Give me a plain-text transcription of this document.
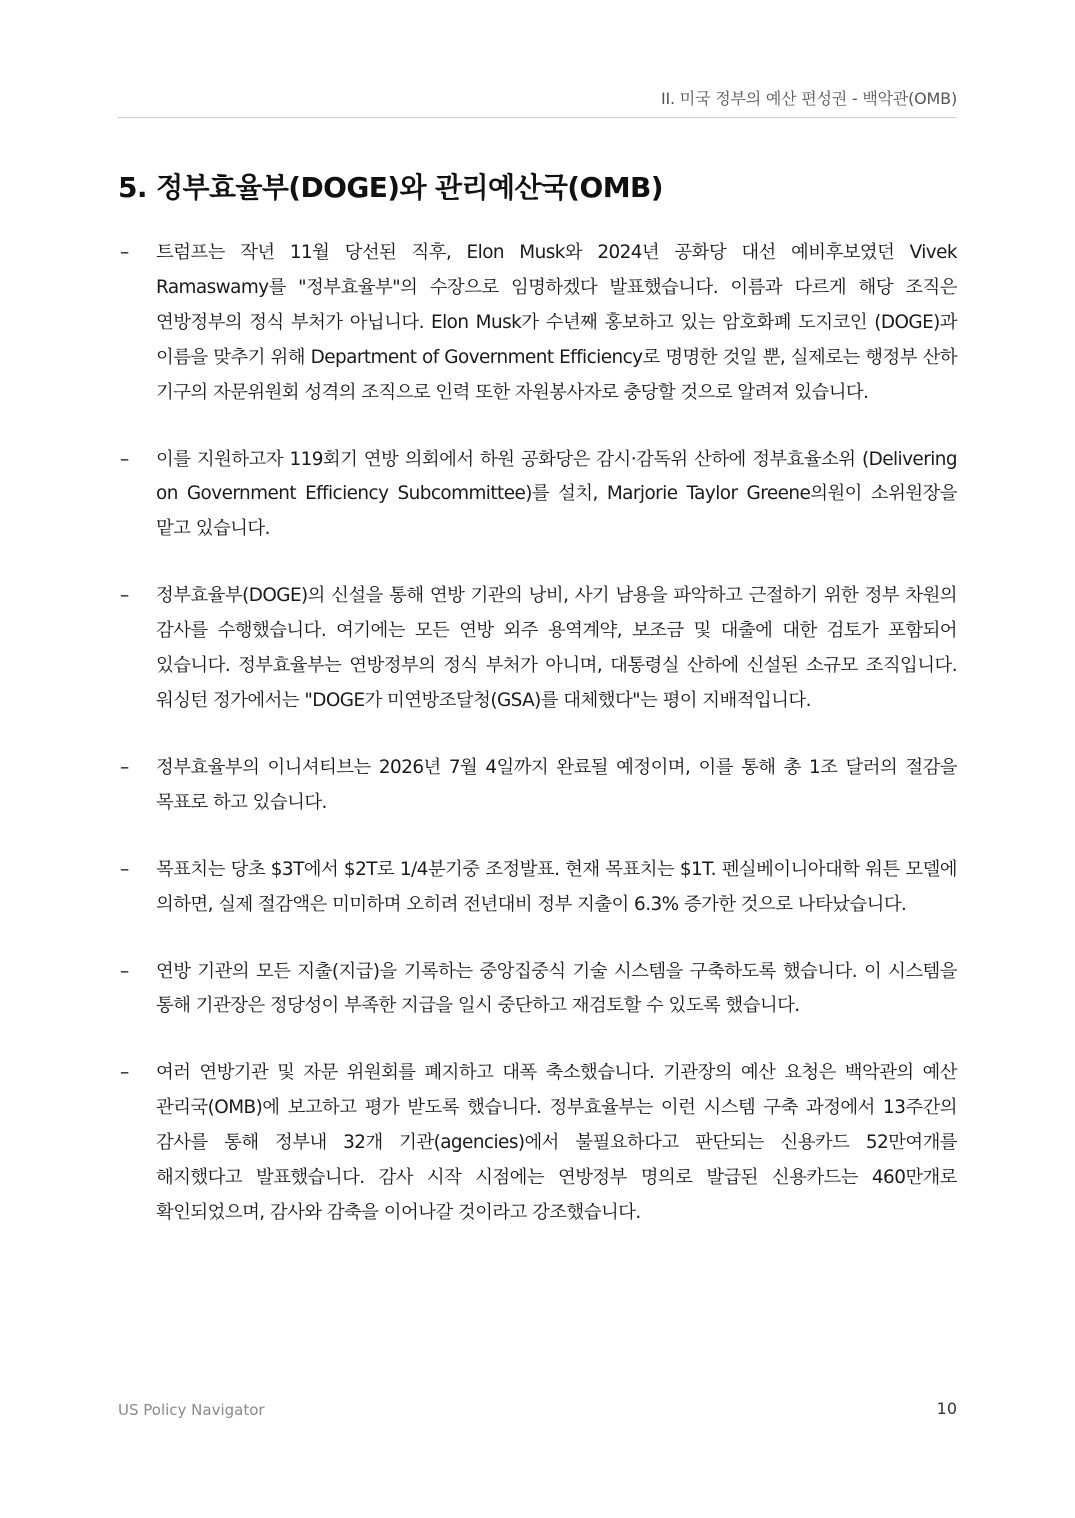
II. 미국 정부의 예산 편성권 - 백악관(OMB)
5. 정부효율부(DOGE)와 관리예산국(OMB)
– 트럼프는 작년 11월 당선된 직후, Elon Musk와 2024년 공화당 대선 예비후보였던 Vivek Ramaswamy를 "정부효율부"의 수장으로 임명하겠다 발표했습니다. 이름과 다르게 해당 조직은 연방정부의 정식 부처가 아닙니다. Elon Musk가 수년째 홍보하고 있는 암호화폐 도지코인 (DOGE)과 이름을 맞추기 위해 Department of Government Efficiency로 명명한 것일 뿐, 실제로는 행정부 산하 기구의 자문위원회 성격의 조직으로 인력 또한 자원봉사자로 충당할 것으로 알려져 있습니다.
– 이를 지원하고자 119회기 연방 의회에서 하원 공화당은 감시·감독위 산하에 정부효율소위 (Delivering on Government Efficiency Subcommittee)를 설치, Marjorie Taylor Greene의원이 소위원장을 맡고 있습니다.
– 정부효율부(DOGE)의 신설을 통해 연방 기관의 낭비, 사기 남용을 파악하고 근절하기 위한 정부 차원의 감사를 수행했습니다. 여기에는 모든 연방 외주 용역계약, 보조금 및 대출에 대한 검토가 포함되어 있습니다. 정부효율부는 연방정부의 정식 부처가 아니며, 대통령실 산하에 신설된 소규모 조직입니다. 워싱턴 정가에서는 "DOGE가 미연방조달청(GSA)를 대체했다"는 평이 지배적입니다.
– 정부효율부의 이니셔티브는 2026년 7월 4일까지 완료될 예정이며, 이를 통해 총 1조 달러의 절감을 목표로 하고 있습니다.
– 목표치는 당초 $3T에서 $2T로 1/4분기중 조정발표. 현재 목표치는 $1T. 펜실베이니아대학 워튼 모델에 의하면, 실제 절감액은 미미하며 오히려 전년대비 정부 지출이 6.3% 증가한 것으로 나타났습니다.
– 연방 기관의 모든 지출(지급)을 기록하는 중앙집중식 기술 시스템을 구축하도록 했습니다. 이 시스템을 통해 기관장은 정당성이 부족한 지급을 일시 중단하고 재검토할 수 있도록 했습니다.
– 여러 연방기관 및 자문 위원회를 폐지하고 대폭 축소했습니다. 기관장의 예산 요청은 백악관의 예산 관리국(OMB)에 보고하고 평가 받도록 했습니다. 정부효율부는 이런 시스템 구축 과정에서 13주간의 감사를 통해 정부내 32개 기관(agencies)에서 불필요하다고 판단되는 신용카드 52만여개를 해지했다고 발표했습니다. 감사 시작 시점에는 연방정부 명의로 발급된 신용카드는 460만개로 확인되었으며, 감사와 감축을 이어나갈 것이라고 강조했습니다.
US Policy Navigator	10
